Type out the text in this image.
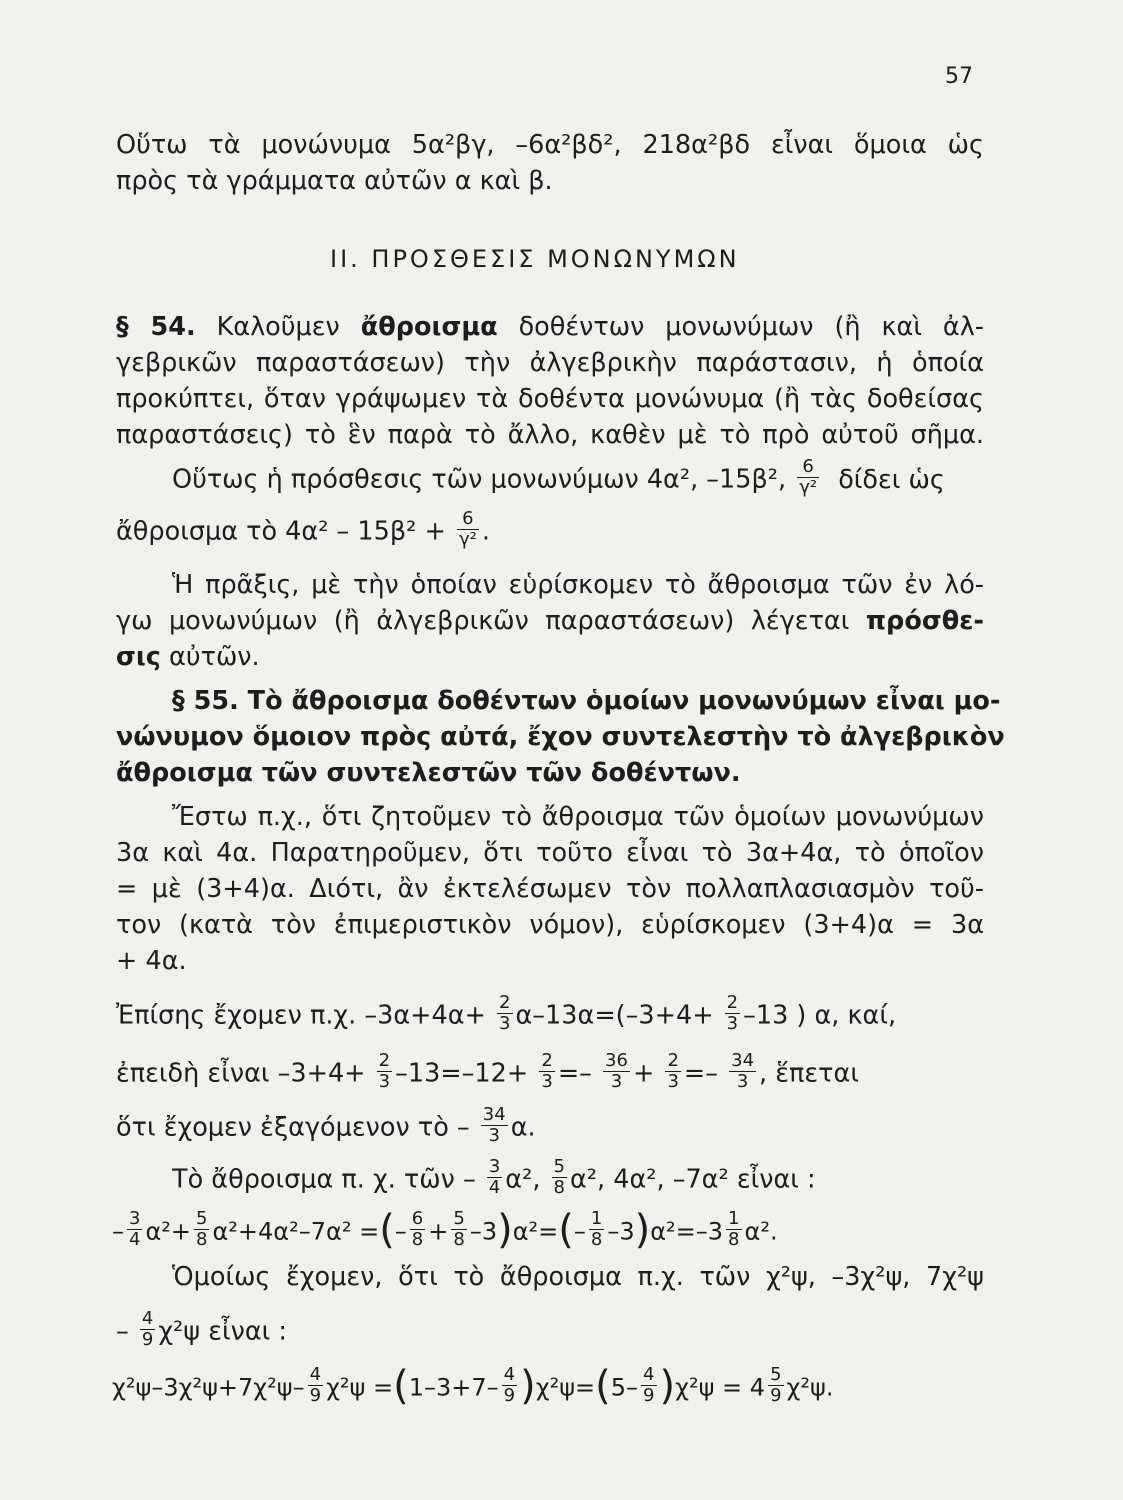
57
Οὕτω τὰ μονώνυμα 5α²βγ, –6α²βδ², 218α²βδ εἶναι ὅμοια ὡς
πρὸς τὰ γράμματα αὐτῶν α καὶ β.
II. ΠΡΟΣΘΕΣΙΣ ΜΟΝΩΝΥΜΩΝ
§ 54. Καλοῦμεν ἄθροισμα δοθέντων μονωνύμων (ἢ καὶ ἀλ-
γεβρικῶν παραστάσεων) τὴν ἀλγεβρικὴν παράστασιν, ἡ ὁποία
προκύπτει, ὅταν γράψωμεν τὰ δοθέντα μονώνυμα (ἢ τὰς δοθείσας
παραστάσεις) τὸ ἓν παρὰ τὸ ἄλλο, καθὲν μὲ τὸ πρὸ αὐτοῦ σῆμα.
Οὕτως ἡ πρόσθεσις τῶν μονωνύμων 4α², –15β², $\frac{6}{\text{γ²}}$ δίδει ὡς
ἄθροισμα τὸ $4\alpha^2 - 15\beta^2 + \frac{6}{\text{γ²}}$ .
Ἡ πρᾶξις, μὲ τὴν ὁποίαν εὑρίσκομεν τὸ ἄθροισμα τῶν ἐν λό-
γω μονωνύμων (ἢ ἀλγεβρικῶν παραστάσεων) λέγεται πρόσθε-
σις αὐτῶν.
§ 55. Τὸ ἄθροισμα δοθέντων ὁμοίων μονωνύμων εἶναι μο-
νώνυμον ὅμοιον πρὸς αὐτά, ἔχον συντελεστὴν τὸ ἀλγεβρικὸν
ἄθροισμα τῶν συντελεστῶν τῶν δοθέντων.
Ἔστω π.χ., ὅτι ζητοῦμεν τὸ ἄθροισμα τῶν ὁμοίων μονωνύμων
3α καὶ 4α. Παρατηροῦμεν, ὅτι τοῦτο εἶναι τὸ 3α+4α, τὸ ὁποῖον
= μὲ (3+4)α. Διότι, ἂν ἐκτελέσωμεν τὸν πολλαπλασιασμὸν τοῦ-
τον (κατὰ τὸν ἐπιμεριστικὸν νόμον), εὑρίσκομεν (3+4)α = 3α
+ 4α.
Ἐπίσης ἔχομεν π.χ. $-3\alpha+4\alpha+ \frac{2}{3} \alpha-13\alpha=(-3+4+ \frac{2}{3} -13$ ) α, καί,
ἐπειδὴ εἶναι $-3+4+ \frac{2}{3} -13=-12+ \frac{2}{3} =- \frac{36}{3} + \frac{2}{3} =- \frac{34}{3}$ , ἕπεται
ὅτι ἔχομεν ἐξαγόμενον τὸ – $\frac{34}{3} \alpha$.
Τὸ ἄθροισμα π. χ. τῶν – $\frac{3}{4} \alpha^2$, $\frac{5}{8} \alpha^2$, 4α², –7α² εἶναι :
– $\frac{3}{4} \alpha^2+ \frac{5}{8} \alpha^2+4\alpha^2-7\alpha^2$ =(– $\frac{6}{8} + \frac{5}{8} -3)\alpha^2=(- \frac{1}{8} -3)\alpha^2=-3 \frac{1}{8} \alpha^2$.
Ὁμοίως ἔχομεν, ὅτι τὸ ἄθροισμα π.χ. τῶν χ²ψ, –3χ²ψ, 7χ²ψ
– $\frac{4}{9} \chi^2\psi$ εἶναι :
$\chi^2\psi-3\chi^2\psi+7\chi^2\psi- \frac{4}{9} \chi^2\psi =(1-3+7- \frac{4}{9} )\chi^2\psi=(5- \frac{4}{9} )\chi^2\psi = 4 \frac{5}{9} \chi^2\psi$.
